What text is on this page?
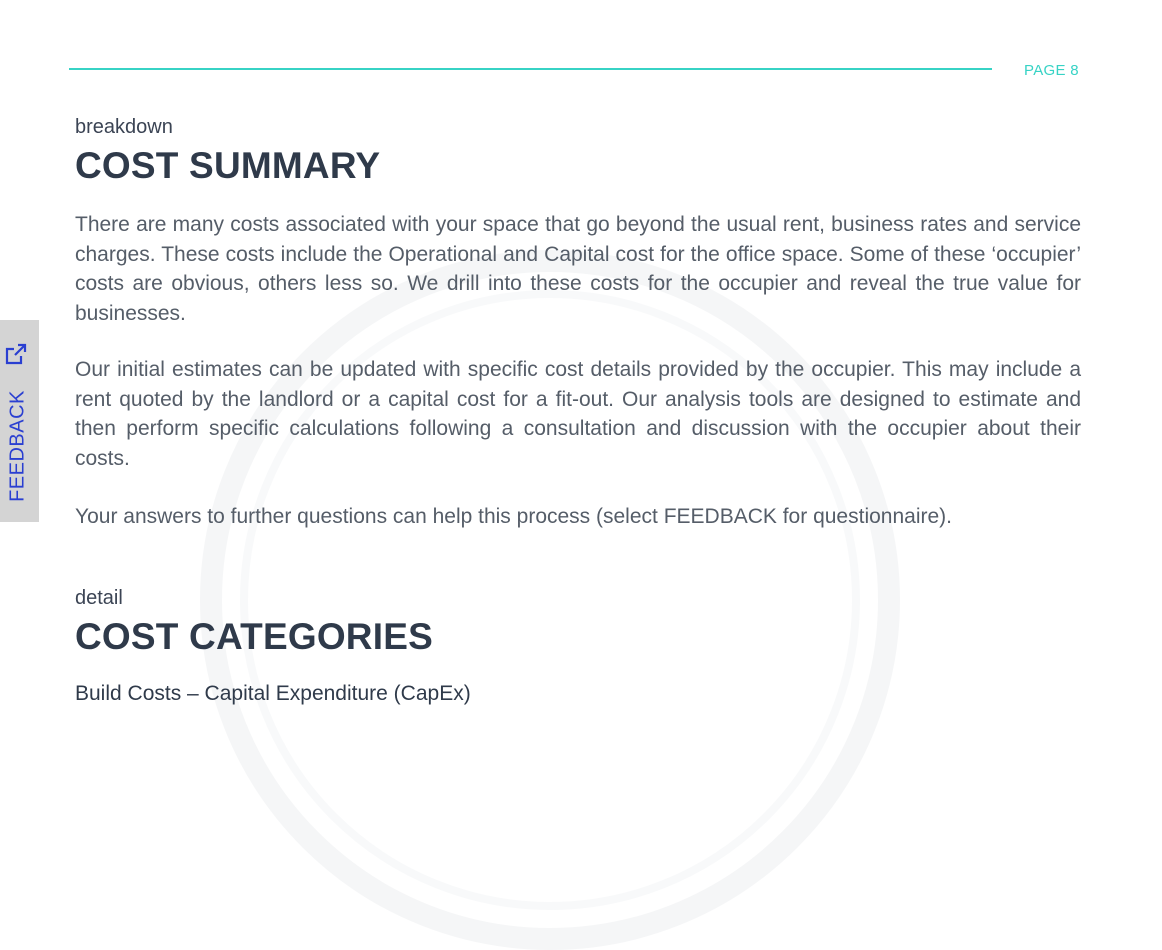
PAGE 8
breakdown
COST SUMMARY

There are many costs associated with your space that go beyond the usual rent, business rates and service charges. These costs include the Operational and Capital cost for the office space. Some of these ‘occupier’ costs are obvious, others less so. We drill into these costs for the occupier and reveal the true value for businesses.

Our initial estimates can be updated with specific cost details provided by the occupier. This may include a rent quoted by the landlord or a capital cost for a fit-out. Our analysis tools are designed to estimate and then perform specific calculations following a consultation and discussion with the occupier about their costs.

Your answers to further questions can help this process (select FEEDBACK for questionnaire).

detail
COST CATEGORIES
Build Costs – Capital Expenditure (CapEx)
FEEDBACK
